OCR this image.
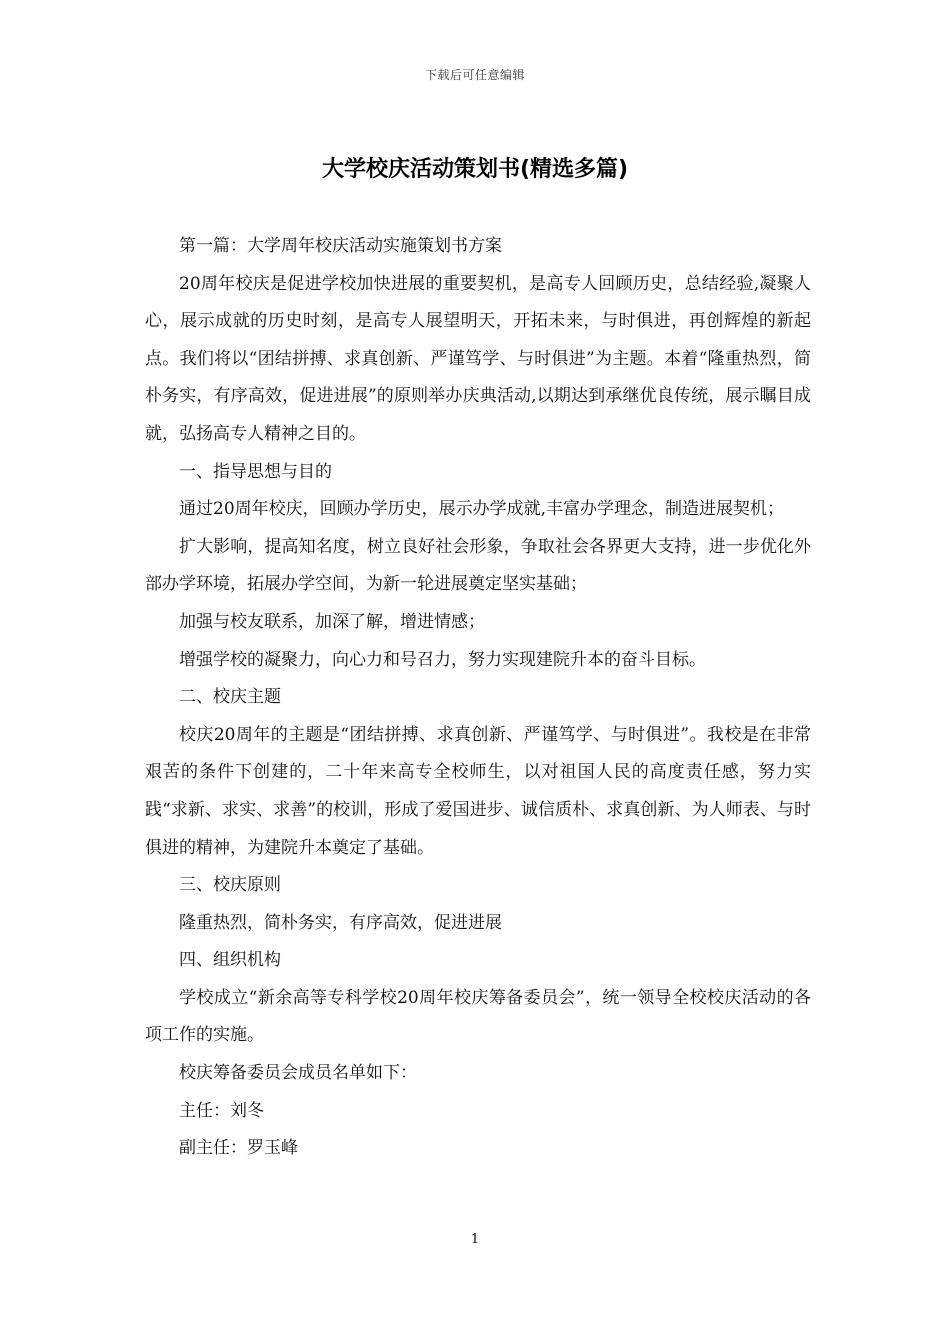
下载后可任意编辑
大学校庆活动策划书(精选多篇)

第一篇：大学周年校庆活动实施策划书方案

20周年校庆是促进学校加快进展的重要契机，是高专人回顾历史，总结经验,凝聚人心，展示成就的历史时刻，是高专人展望明天，开拓未来，与时俱进，再创辉煌的新起点。我们将以“团结拼搏、求真创新、严谨笃学、与时俱进”为主题。本着“隆重热烈，简朴务实，有序高效，促进进展”的原则举办庆典活动,以期达到承继优良传统，展示瞩目成就，弘扬高专人精神之目的。

一、指导思想与目的

通过20周年校庆，回顾办学历史，展示办学成就,丰富办学理念，制造进展契机；

扩大影响，提高知名度，树立良好社会形象，争取社会各界更大支持，进一步优化外部办学环境，拓展办学空间，为新一轮进展奠定坚实基础；

加强与校友联系，加深了解，增进情感；

增强学校的凝聚力，向心力和号召力，努力实现建院升本的奋斗目标。

二、校庆主题

校庆20周年的主题是“团结拼搏、求真创新、严谨笃学、与时俱进”。我校是在非常艰苦的条件下创建的，二十年来高专全校师生，以对祖国人民的高度责任感，努力实践“求新、求实、求善”的校训，形成了爱国进步、诚信质朴、求真创新、为人师表、与时俱进的精神，为建院升本奠定了基础。

三、校庆原则

隆重热烈，简朴务实，有序高效，促进进展

四、组织机构

学校成立“新余高等专科学校20周年校庆筹备委员会”，统一领导全校校庆活动的各项工作的实施。

校庆筹备委员会成员名单如下：

主任：刘冬

副主任：罗玉峰

1
